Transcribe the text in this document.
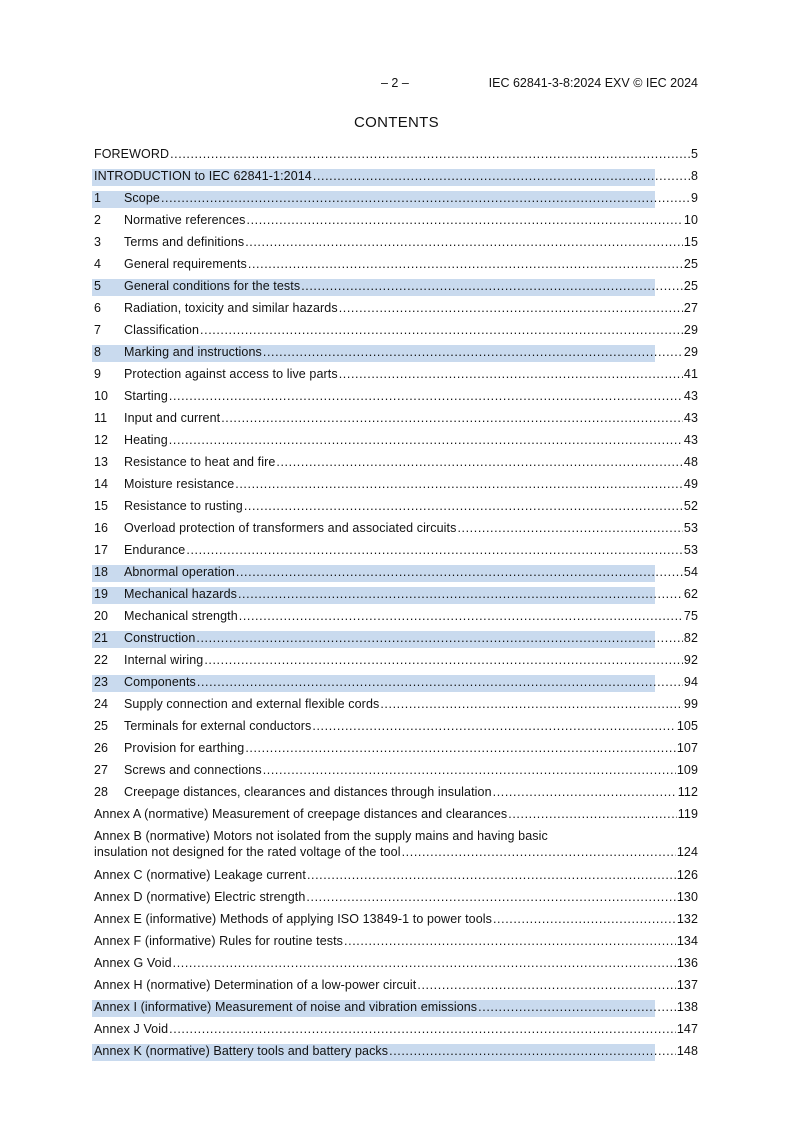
– 2 –	IEC 62841-3-8:2024 EXV © IEC 2024
CONTENTS
FOREWORD .....	5
INTRODUCTION to IEC 62841-1:2014 .....	8
1	Scope .....	9
2	Normative references .....	10
3	Terms and definitions .....	15
4	General requirements .....	25
5	General conditions for the tests .....	25
6	Radiation, toxicity and similar hazards .....	27
7	Classification .....	29
8	Marking and instructions .....	29
9	Protection against access to live parts .....	41
10	Starting .....	43
11	Input and current .....	43
12	Heating .....	43
13	Resistance to heat and fire .....	48
14	Moisture resistance .....	49
15	Resistance to rusting .....	52
16	Overload protection of transformers and associated circuits .....	53
17	Endurance .....	53
18	Abnormal operation .....	54
19	Mechanical hazards .....	62
20	Mechanical strength .....	75
21	Construction .....	82
22	Internal wiring .....	92
23	Components .....	94
24	Supply connection and external flexible cords .....	99
25	Terminals for external conductors .....	105
26	Provision for earthing .....	107
27	Screws and connections .....	109
28	Creepage distances, clearances and distances through insulation .....	112
Annex A (normative) Measurement of creepage distances and clearances .....	119
Annex B (normative) Motors not isolated from the supply mains and having basic
insulation not designed for the rated voltage of the tool .....	124
Annex C (normative) Leakage current .....	126
Annex D (normative) Electric strength .....	130
Annex E (informative) Methods of applying ISO 13849-1 to power tools .....	132
Annex F (informative) Rules for routine tests .....	134
Annex G Void .....	136
Annex H (normative) Determination of a low-power circuit .....	137
Annex I (informative) Measurement of noise and vibration emissions .....	138
Annex J Void .....	147
Annex K (normative) Battery tools and battery packs .....	148
